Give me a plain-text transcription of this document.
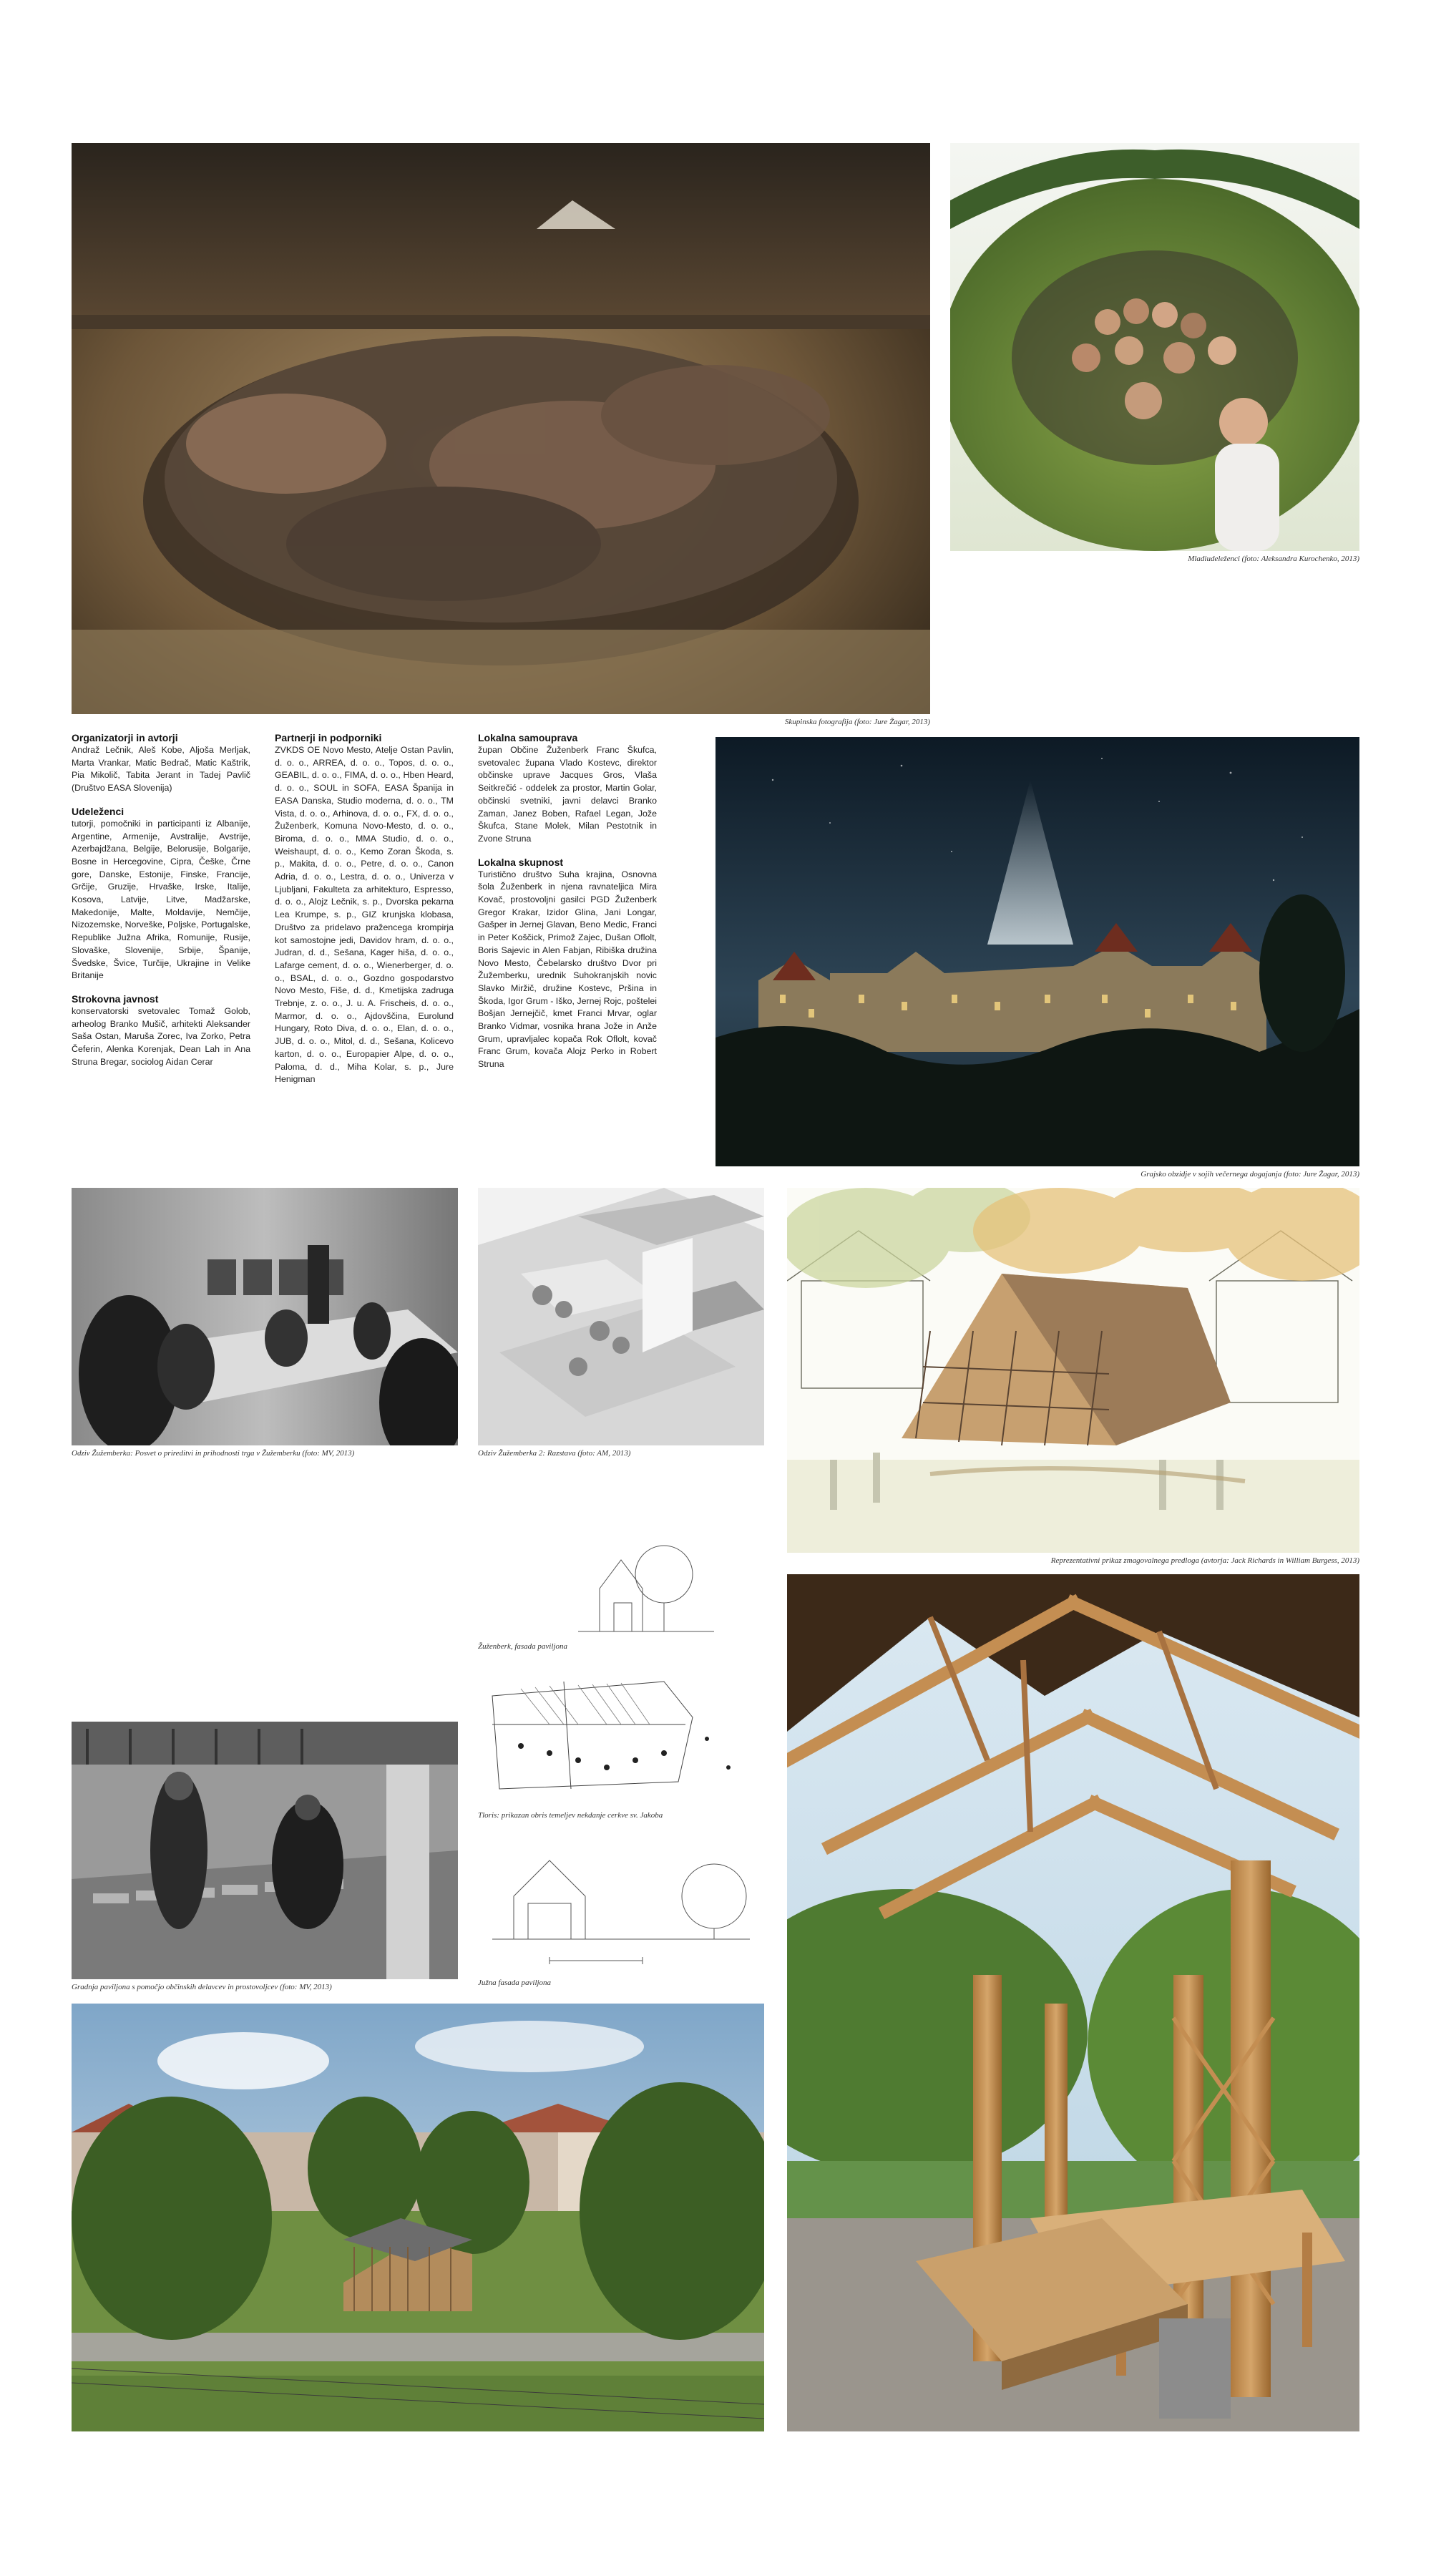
Skupinska fotografija (foto: Jure Žagar, 2013)
Mladiudeleženci (foto: Aleksandra Kurochenko, 2013)
Organizatorji in avtorji

Andraž Lečnik, Aleš Kobe, Aljoša Merljak, Marta Vrankar, Matic Bedrač, Matic Kaštrik, Pia Mikolič, Tabita Jerant in Tadej Pavlič (Društvo EASA Slovenija)

Udeleženci

tutorji, pomočniki in participanti iz Albanije, Argentine, Armenije, Avstralije, Avstrije, Azerbajdžana, Belgije, Belorusije, Bolgarije, Bosne in Hercegovine, Cipra, Češke, Črne gore, Danske, Estonije, Finske, Francije, Grčije, Gruzije, Hrvaške, Irske, Italije, Kosova, Latvije, Litve, Madžarske, Makedonije, Malte, Moldavije, Nemčije, Nizozemske, Norveške, Poljske, Portugalske, Republike Južna Afrika, Romunije, Rusije, Slovaške, Slovenije, Srbije, Španije, Švedske, Švice, Turčije, Ukrajine in Velike Britanije

Strokovna javnost

konservatorski svetovalec Tomaž Golob, arheolog Branko Mušič, arhitekti Aleksander Saša Ostan, Maruša Zorec, Iva Zorko, Petra Čeferin, Alenka Korenjak, Dean Lah in Ana Struna Bregar, sociolog Aidan Cerar

Partnerji in podporniki

ZVKDS OE Novo Mesto, Atelje Ostan Pavlin, d. o. o., ARREA, d. o. o., Topos, d. o. o., GEABIL, d. o. o., FIMA, d. o. o., Hben Heard, d. o. o., SOUL in SOFA, EASA Španija in EASA Danska, Studio moderna, d. o. o., TM Vista, d. o. o., Arhinova, d. o. o., FX, d. o. o., Žuženberk, Komuna Novo-Mesto, d. o. o., Biroma, d. o. o., MMA Studio, d. o. o., Weishaupt, d. o. o., Kemo Zoran Škoda, s. p., Makita, d. o. o., Petre, d. o. o., Canon Adria, d. o. o., Lestra, d. o. o., Univerza v Ljubljani, Fakulteta za arhitekturo, Espresso, d. o. o., Alojz Lečnik, s. p., Dvorska pekarna Lea Krumpe, s. p., GIZ krunjska klobasa, Društvo za pridelavo pražencega krompirja kot samostojne jedi, Davidov hram, d. o. o., Judran, d. d., Sešana, Kager hiša, d. o. o., Lafarge cement, d. o. o., Wienerberger, d. o. o., BSAL, d. o. o., Gozdno gospodarstvo Novo Mesto, Fiše, d. d., Kmetijska zadruga Trebnje, z. o. o., J. u. A. Frischeis, d. o. o., Marmor, d. o. o., Ajdovščina, Eurolund Hungary, Roto Diva, d. o. o., Elan, d. o. o., JUB, d. o. o., Mitol, d. d., Sešana, Kolicevo karton, d. o. o., Europapier Alpe, d. o. o., Paloma, d. d., Miha Kolar, s. p., Jure Henigman

Lokalna samouprava

župan Občine Žuženberk Franc Škufca, svetovalec župana Vlado Kostevc, direktor občinske uprave Jacques Gros, Vlaša Seitkrečić - oddelek za prostor, Martin Golar, občinski svetniki, javni delavci Branko Zaman, Janez Boben, Rafael Legan, Jože Škufca, Stane Molek, Milan Pestotnik in Zvone Struna

Lokalna skupnost

Turistično društvo Suha krajina, Osnovna šola Žuženberk in njena ravnateljica Mira Kovač, prostovoljni gasilci PGD Žuženberk Gregor Krakar, Izidor Glina, Jani Longar, Gašper in Jernej Glavan, Beno Medic, Franci in Peter Koščick, Primož Zajec, Dušan Oflolt, Boris Sajevic in Alen Fabjan, Ribiška družina Novo Mesto, Čebelarsko društvo Dvor pri Žužemberku, urednik Suhokranjskih novic Slavko Miržič, družine Kostevc, Pršina in Škoda, Igor Grum - Iško, Jernej Rojc, poštelei Bošjan Jernejčič, kmet Franci Mrvar, oglar Branko Vidmar, vosnika hrana Jože in Anže Grum, upravljalec kopača Rok Oflolt, kovač Franc Grum, kovača Alojz Perko in Robert Struna

Grajsko obzidje v sojih večernega dogajanja (foto: Jure Žagar, 2013)
Odziv Žužemberka: Posvet o prireditvi in prihodnosti trga v Žužemberku (foto: MV, 2013)	Odziv Žužemberka 2: Razstava (foto: AM, 2013)
Reprezentativni prikaz zmagovalnega predloga (avtorja: Jack Richards in William Burgess, 2013)
Žuženberk, fasada paviljona
Tloris: prikazan obris temeljev nekdanje cerkve sv. Jakoba
Južna fasada paviljona
Gradnja paviljona s pomočjo občinskih delavcev in prostovoljcev (foto: MV, 2013)
